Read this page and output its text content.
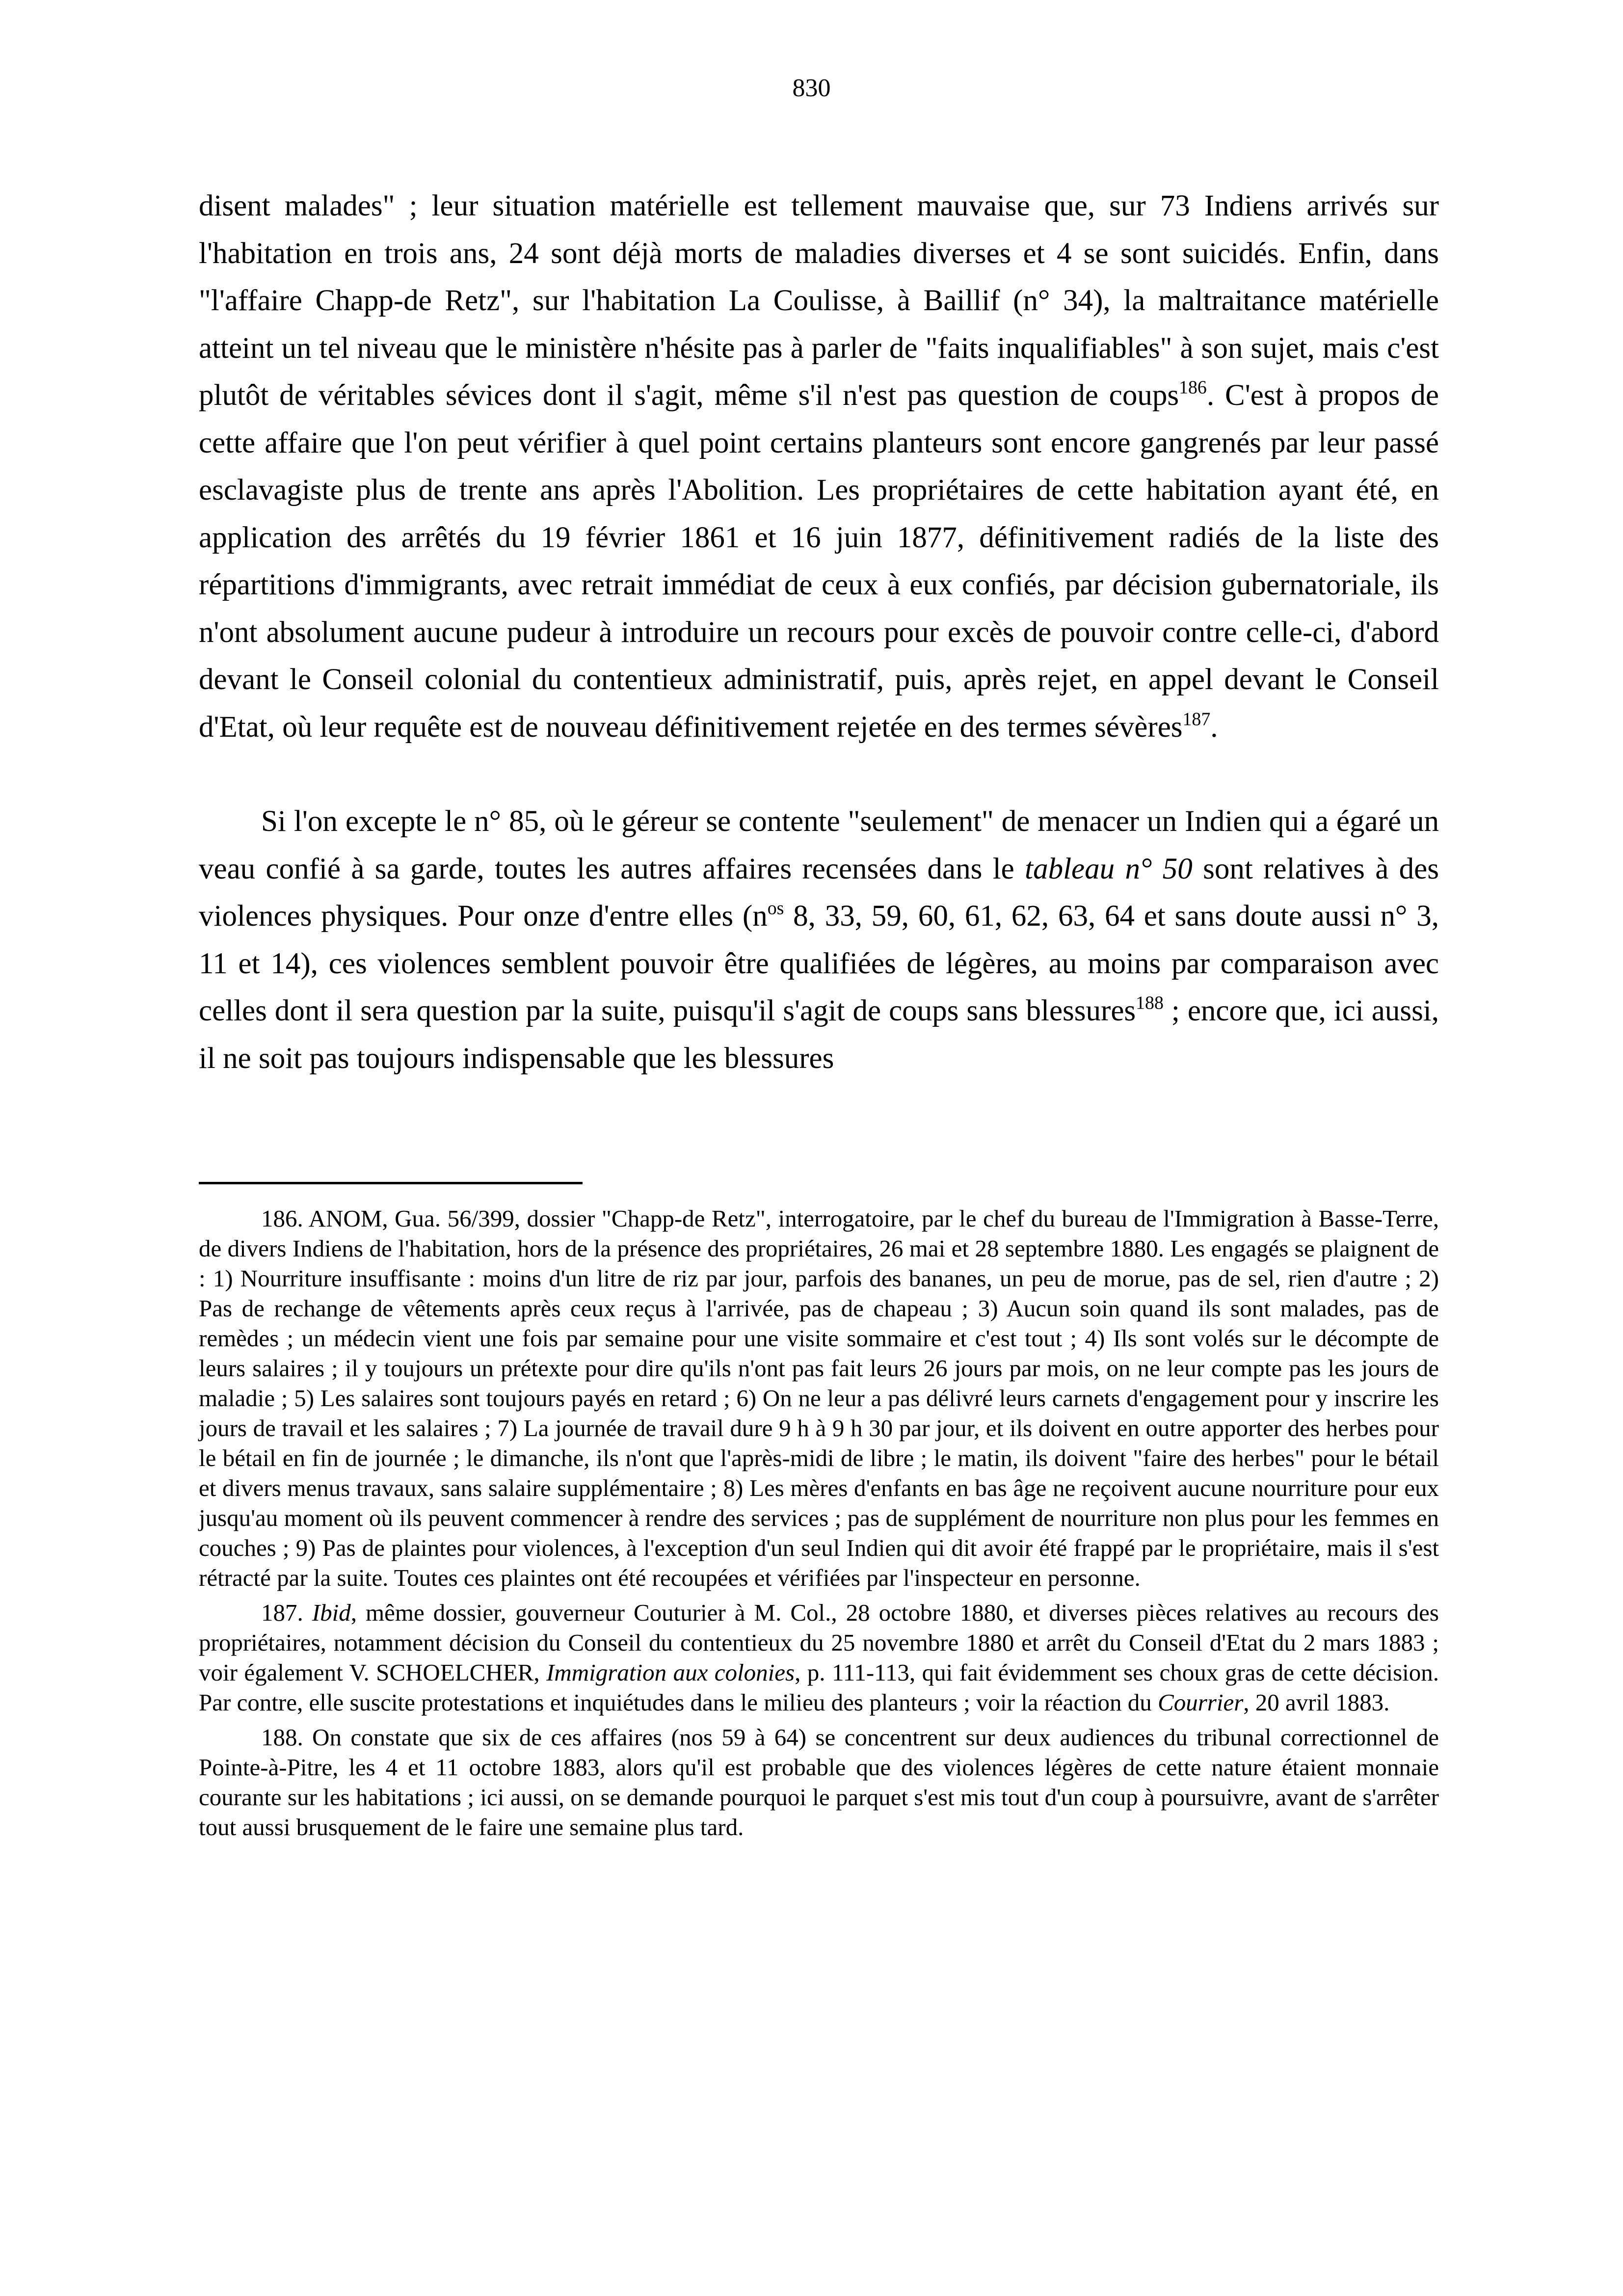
830

disent malades" ; leur situation matérielle est tellement mauvaise que, sur 73 Indiens arrivés sur l'habitation en trois ans, 24 sont déjà morts de maladies diverses et 4 se sont suicidés. Enfin, dans "l'affaire Chapp-de Retz", sur l'habitation La Coulisse, à Baillif (n° 34), la maltraitance matérielle atteint un tel niveau que le ministère n'hésite pas à parler de "faits inqualifiables" à son sujet, mais c'est plutôt de véritables sévices dont il s'agit, même s'il n'est pas question de coups$^{186}$. C'est à propos de cette affaire que l'on peut vérifier à quel point certains planteurs sont encore gangrenés par leur passé esclavagiste plus de trente ans après l'Abolition. Les propriétaires de cette habitation ayant été, en application des arrêtés du 19 février 1861 et 16 juin 1877, définitivement radiés de la liste des répartitions d'immigrants, avec retrait immédiat de ceux à eux confiés, par décision gubernatoriale, ils n'ont absolument aucune pudeur à introduire un recours pour excès de pouvoir contre celle-ci, d'abord devant le Conseil colonial du contentieux administratif, puis, après rejet, en appel devant le Conseil d'Etat, où leur requête est de nouveau définitivement rejetée en des termes sévères$^{187}$.

Si l'on excepte le n° 85, où le géreur se contente "seulement" de menacer un Indien qui a égaré un veau confié à sa garde, toutes les autres affaires recensées dans le tableau n° 50 sont relatives à des violences physiques. Pour onze d'entre elles ($n^{os}$ 8, 33, 59, 60, 61, 62, 63, 64 et sans doute aussi n° 3, 11 et 14), ces violences semblent pouvoir être qualifiées de légères, au moins par comparaison avec celles dont il sera question par la suite, puisqu'il s'agit de coups sans blessures$^{188}$ ; encore que, ici aussi, il ne soit pas toujours indispensable que les blessures

186. ANOM, Gua. 56/399, dossier "Chapp-de Retz", interrogatoire, par le chef du bureau de l'Immigration à Basse-Terre, de divers Indiens de l'habitation, hors de la présence des propriétaires, 26 mai et 28 septembre 1880. Les engagés se plaignent de : 1) Nourriture insuffisante : moins d'un litre de riz par jour, parfois des bananes, un peu de morue, pas de sel, rien d'autre ; 2) Pas de rechange de vêtements après ceux reçus à l'arrivée, pas de chapeau ; 3) Aucun soin quand ils sont malades, pas de remèdes ; un médecin vient une fois par semaine pour une visite sommaire et c'est tout ; 4) Ils sont volés sur le décompte de leurs salaires ; il y toujours un prétexte pour dire qu'ils n'ont pas fait leurs 26 jours par mois, on ne leur compte pas les jours de maladie ; 5) Les salaires sont toujours payés en retard ; 6) On ne leur a pas délivré leurs carnets d'engagement pour y inscrire les jours de travail et les salaires ; 7) La journée de travail dure 9 h à 9 h 30 par jour, et ils doivent en outre apporter des herbes pour le bétail en fin de journée ; le dimanche, ils n'ont que l'après-midi de libre ; le matin, ils doivent "faire des herbes" pour le bétail et divers menus travaux, sans salaire supplémentaire ; 8) Les mères d'enfants en bas âge ne reçoivent aucune nourriture pour eux jusqu'au moment où ils peuvent commencer à rendre des services ; pas de supplément de nourriture non plus pour les femmes en couches ; 9) Pas de plaintes pour violences, à l'exception d'un seul Indien qui dit avoir été frappé par le propriétaire, mais il s'est rétracté par la suite. Toutes ces plaintes ont été recoupées et vérifiées par l'inspecteur en personne.

187. Ibid, même dossier, gouverneur Couturier à M. Col., 28 octobre 1880, et diverses pièces relatives au recours des propriétaires, notamment décision du Conseil du contentieux du 25 novembre 1880 et arrêt du Conseil d'Etat du 2 mars 1883 ; voir également V. SCHOELCHER, Immigration aux colonies, p. 111-113, qui fait évidemment ses choux gras de cette décision. Par contre, elle suscite protestations et inquiétudes dans le milieu des planteurs ; voir la réaction du Courrier, 20 avril 1883.

188. On constate que six de ces affaires (nos 59 à 64) se concentrent sur deux audiences du tribunal correctionnel de Pointe-à-Pitre, les 4 et 11 octobre 1883, alors qu'il est probable que des violences légères de cette nature étaient monnaie courante sur les habitations ; ici aussi, on se demande pourquoi le parquet s'est mis tout d'un coup à poursuivre, avant de s'arrêter tout aussi brusquement de le faire une semaine plus tard.
